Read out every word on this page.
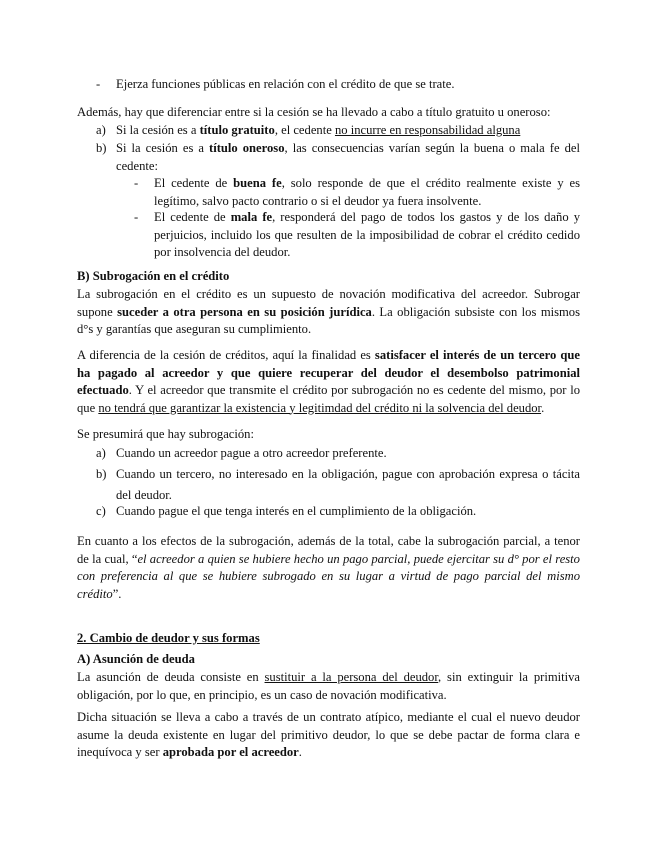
-	Ejerza funciones públicas en relación con el crédito de que se trate.

Además, hay que diferenciar entre si la cesión se ha llevado a cabo a título gratuito u oneroso:

a) Si la cesión es a título gratuito, el cedente no incurre en responsabilidad alguna
b) Si la cesión es a título oneroso, las consecuencias varían según la buena o mala fe del cedente:
-	El cedente de buena fe, solo responde de que el crédito realmente existe y es legítimo, salvo pacto contrario o si el deudor ya fuera insolvente.
-	El cedente de mala fe, responderá del pago de todos los gastos y de los daño y perjuicios, incluido los que resulten de la imposibilidad de cobrar el crédito cedido por insolvencia del deudor.

B) Subrogación en el crédito

La subrogación en el crédito es un supuesto de novación modificativa del acreedor. Subrogar supone suceder a otra persona en su posición jurídica. La obligación subsiste con los mismos d°s y garantías que aseguran su cumplimiento.

A diferencia de la cesión de créditos, aquí la finalidad es satisfacer el interés de un tercero que ha pagado al acreedor y que quiere recuperar del deudor el desembolso patrimonial efectuado. Y el acreedor que transmite el crédito por subrogación no es cedente del mismo, por lo que no tendrá que garantizar la existencia y legitimdad del crédito ni la solvencia del deudor.

Se presumirá que hay subrogación:

a) Cuando un acreedor pague a otro acreedor preferente.
b) Cuando un tercero, no interesado en la obligación, pague con aprobación expresa o tácita del deudor.
c) Cuando pague el que tenga interés en el cumplimiento de la obligación.

En cuanto a los efectos de la subrogación, además de la total, cabe la subrogación parcial, a tenor de la cual, “el acreedor a quien se hubiere hecho un pago parcial, puede ejercitar su d° por el resto con preferencia al que se hubiere subrogado en su lugar a virtud de pago parcial del mismo crédito”.

2. Cambio de deudor y sus formas

A) Asunción de deuda

La asunción de deuda consiste en sustituir a la persona del deudor, sin extinguir la primitiva obligación, por lo que, en principio, es un caso de novación modificativa.

Dicha situación se lleva a cabo a través de un contrato atípico, mediante el cual el nuevo deudor asume la deuda existente en lugar del primitivo deudor, lo que se debe pactar de forma clara e inequívoca y ser aprobada por el acreedor.
